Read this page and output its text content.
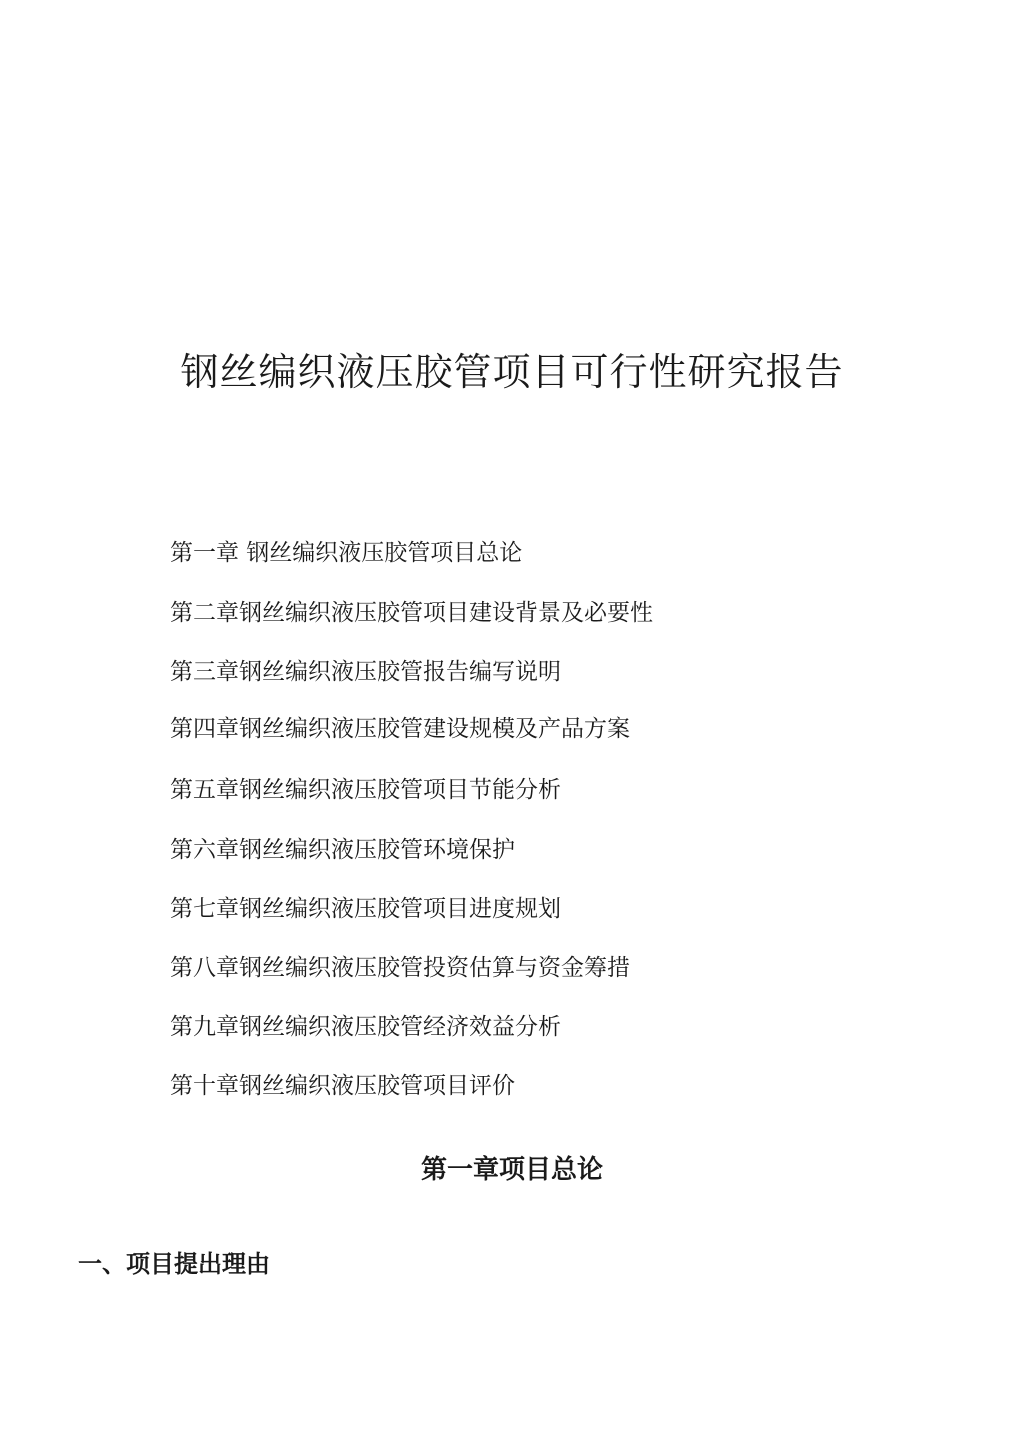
钢丝编织液压胶管项目可行性研究报告
第一章 钢丝编织液压胶管项目总论
第二章钢丝编织液压胶管项目建设背景及必要性
第三章钢丝编织液压胶管报告编写说明
第四章钢丝编织液压胶管建设规模及产品方案
第五章钢丝编织液压胶管项目节能分析
第六章钢丝编织液压胶管环境保护
第七章钢丝编织液压胶管项目进度规划
第八章钢丝编织液压胶管投资估算与资金筹措
第九章钢丝编织液压胶管经济效益分析
第十章钢丝编织液压胶管项目评价
第一章项目总论
一、项目提出理由
